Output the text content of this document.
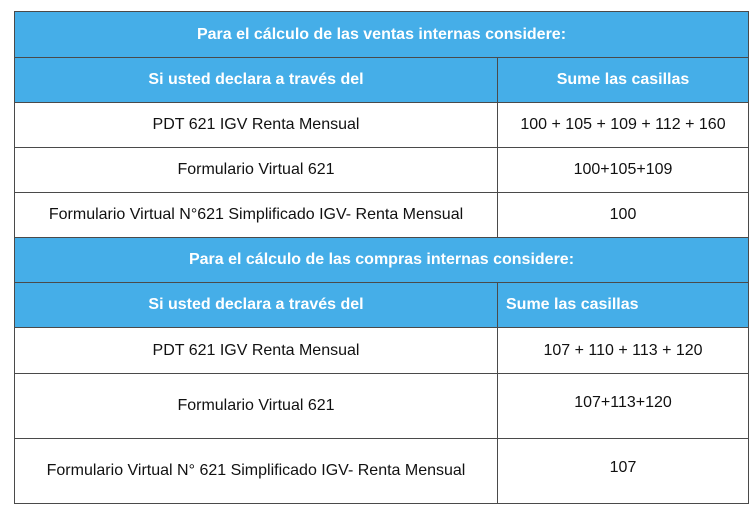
Para el cálculo de las ventas internas considere:	
Si usted declara a través del	Sume las casillas
PDT 621 IGV Renta Mensual	100 + 105 + 109 + 112 + 160
Formulario Virtual 621	100+105+109
Formulario Virtual N°621 Simplificado IGV- Renta Mensual	100
Para el cálculo de las compras internas considere:	
Si usted declara a través del	Sume las casillas
PDT 621 IGV Renta Mensual	107 + 110 + 113 + 120
Formulario Virtual 621	107+113+120
Formulario Virtual N° 621 Simplificado IGV- Renta Mensual	107
